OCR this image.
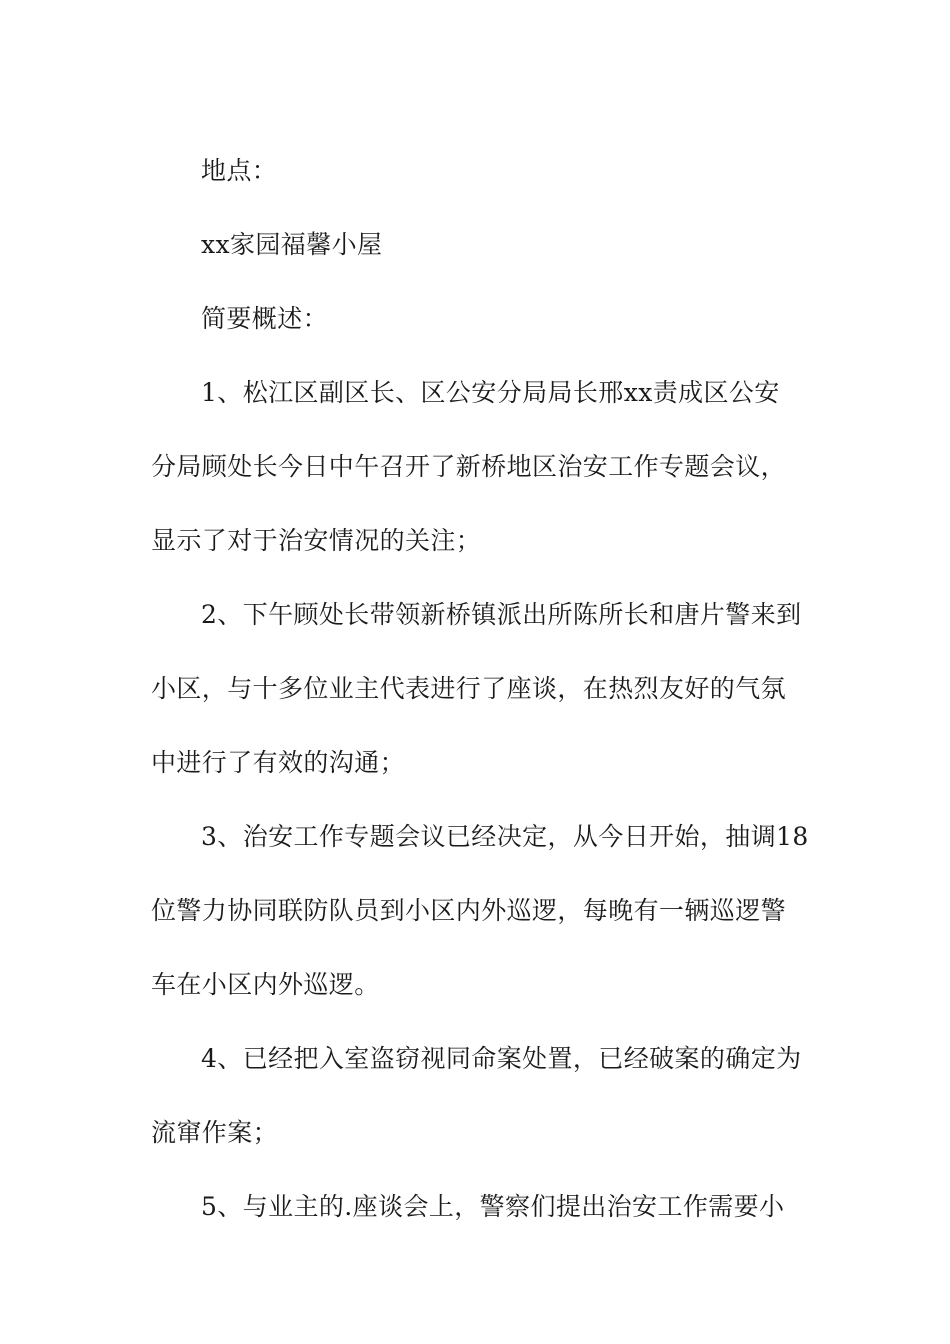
地点：

xx家园福馨小屋

简要概述：

1、松江区副区长、区公安分局局长邢xx责成区公安

分局顾处长今日中午召开了新桥地区治安工作专题会议，

显示了对于治安情况的关注；

2、下午顾处长带领新桥镇派出所陈所长和唐片警来到

小区，与十多位业主代表进行了座谈，在热烈友好的气氛

中进行了有效的沟通；

3、治安工作专题会议已经决定，从今日开始，抽调18

位警力协同联防队员到小区内外巡逻，每晚有一辆巡逻警

车在小区内外巡逻。

4、已经把入室盗窃视同命案处置，已经破案的确定为

流窜作案；

5、与业主的.座谈会上，警察们提出治安工作需要小
